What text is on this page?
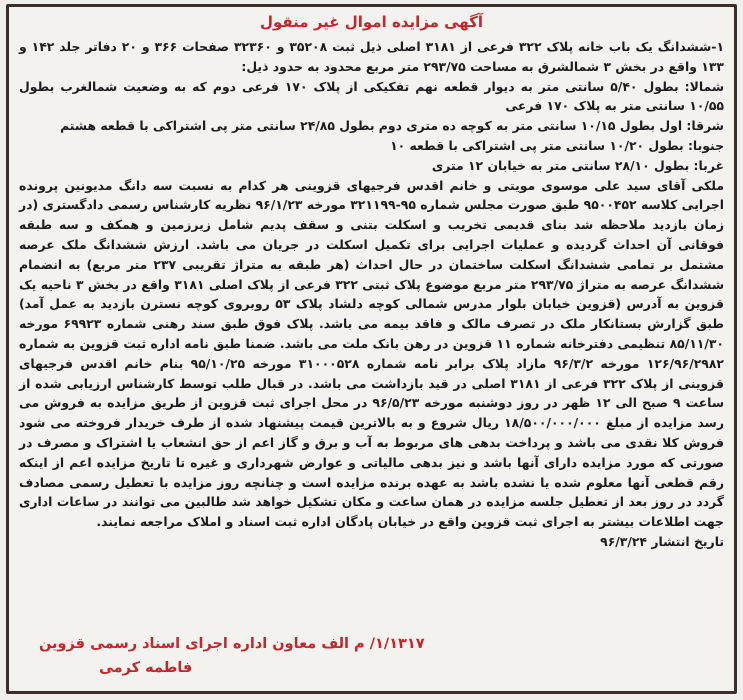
آگهی مزایده اموال غیر منقول

۱-ششدانگ یک باب خانه پلاک ۳۲۲ فرعی از ۳۱۸۱ اصلی ذیل ثبت ۳۵۲۰۸ و ۳۲۳۶۰ صفحات ۳۶۶ و ۲۰ دفاتر جلد ۱۴۲ و ۱۳۳ واقع در بخش ۳ شمالشرق به مساحت ۲۹۳/۷۵ متر مربع محدود به حدود ذیل:

شمالا: بطول ۵/۴۰ سانتی متر به دیوار قطعه نهم تفکیکی از پلاک ۱۷۰ فرعی دوم که به وضعیت شمالغرب بطول ۱۰/۵۵ سانتی متر به پلاک ۱۷۰ فرعی

شرقا: اول بطول ۱۰/۱۵ سانتی متر به کوچه ده متری دوم بطول ۲۴/۸۵ سانتی متر پی اشتراکی با قطعه هشتم

جنوبا: بطول ۱۰/۲۰ سانتی متر پی اشتراکی با قطعه ۱۰

غربا: بطول ۲۸/۱۰ سانتی متر به خیابان ۱۲ متری

ملکی آقای سید علی موسوی مویتی و خانم اقدس فرجیهای قزوینی هر کدام به نسبت سه دانگ مدیونین پرونده اجرایی کلاسه ۹۵۰۰۴۵۲ طبق صورت مجلس شماره ۹۵-۳۲۱۱۹۹ مورخه ۹۶/۱/۲۳ نظریه کارشناس رسمی دادگستری (در زمان بازدید ملاحظه شد بنای قدیمی تخریب و اسکلت بتنی و سقف پدیم شامل زیرزمین و همکف و سه طبقه فوقانی آن احداث گردیده و عملیات اجرایی برای تکمیل اسکلت در جریان می باشد. ارزش ششدانگ ملک عرصه مشتمل بر تمامی ششدانگ اسکلت ساختمان در حال احداث (هر طبقه به متراژ تقریبی ۲۳۷ متر مربع) به انضمام ششدانگ عرصه به متراژ ۲۹۳/۷۵ متر مربع موضوع پلاک ثبتی ۳۲۲ فرعی از پلاک اصلی ۳۱۸۱ واقع در بخش ۳ ناحیه یک قزوین به آدرس (قزوین خیابان بلوار مدرس شمالی کوچه دلشاد پلاک ۵۳ روبروی کوچه نسترن بازدید به عمل آمد) طبق گزارش بستانکار ملک در تصرف مالک و فاقد بیمه می باشد. پلاک فوق طبق سند رهنی شماره ۶۹۹۲۳ مورخه ۸۵/۱۱/۳۰ تنظیمی دفترخانه شماره ۱۱ قزوین در رهن بانک ملت می باشد. ضمنا طبق نامه اداره ثبت قزوین به شماره ۱۲۶/۹۶/۲۹۸۲ مورخه ۹۶/۳/۲ مازاد پلاک برابر نامه شماره ۳۱۰۰۰۵۲۸ مورخه ۹۵/۱۰/۲۵ بنام خانم اقدس فرجیهای قزوینی از پلاک ۳۲۲ فرعی از ۳۱۸۱ اصلی در قید بازداشت می باشد. در قبال طلب توسط کارشناس ارزیابی شده از ساعت ۹ صبح الی ۱۲ ظهر در روز دوشنبه مورخه ۹۶/۵/۲۳ در محل اجرای ثبت قزوین از طریق مزایده به فروش می رسد مزایده از مبلغ ۱۸/۵۰۰/۰۰۰/۰۰۰ ریال شروع و به بالاترین قیمت پیشنهاد شده از طرف خریدار فروخته می شود فروش کلا نقدی می باشد و پرداخت بدهی های مربوط به آب و برق و گاز اعم از حق انشعاب یا اشتراک و مصرف در صورتی که مورد مزایده دارای آنها باشد و نیز بدهی مالیاتی و عوارض شهرداری و غیره تا تاریخ مزایده اعم از اینکه رقم قطعی آنها معلوم شده یا نشده باشد به عهده برنده مزایده است و چنانچه روز مزایده با تعطیل رسمی مصادف گردد در روز بعد از تعطیل جلسه مزایده در همان ساعت و مکان تشکیل خواهد شد طالبین می توانند در ساعات اداری جهت اطلاعات بیشتر به اجرای ثبت قزوین واقع در خیابان پادگان اداره ثبت اسناد و املاک مراجعه نمایند.

تاریخ انتشار ۹۶/۳/۲۴

۱/۱۳۱۷/ م الف معاون اداره اجرای اسناد رسمی قزوین
فاطمه کرمی
